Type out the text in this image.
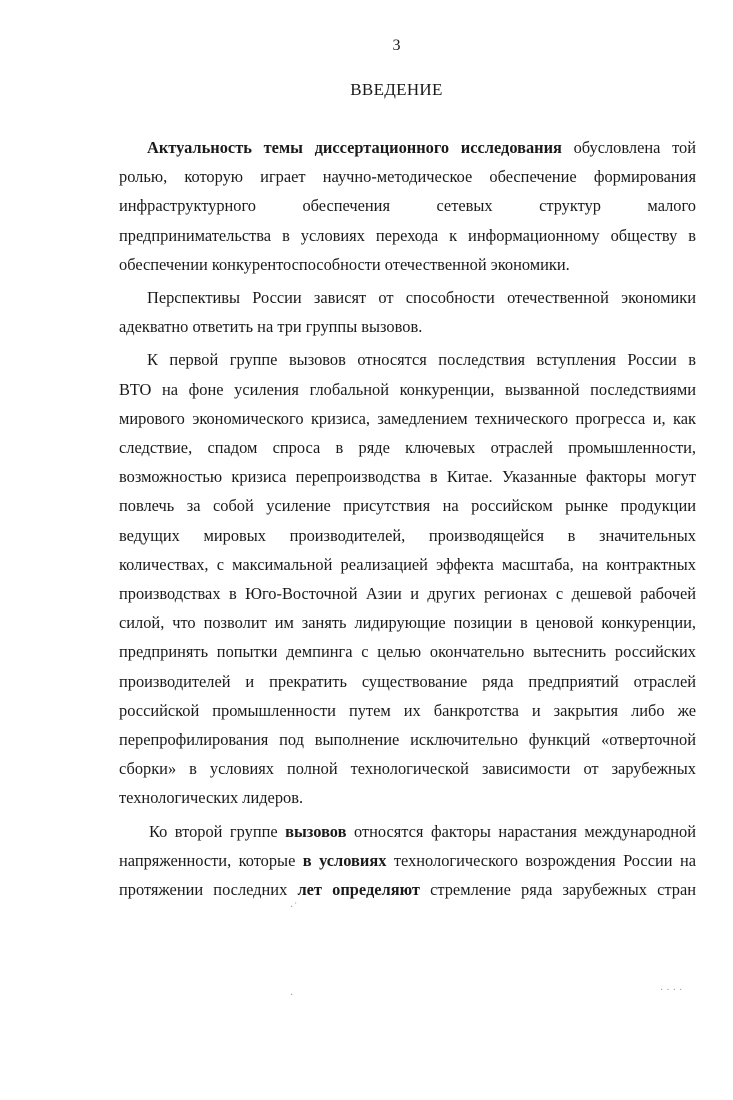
3
ВВЕДЕНИЕ
Актуальность темы диссертационного исследования обусловлена той
ролью, которую играет научно-методическое обеспечение формирования
инфраструктурного обеспечения сетевых структур малого
предпринимательства в условиях перехода к информационному обществу в
обеспечении конкурентоспособности отечественной экономики.
Перспективы России зависят от способности отечественной экономики
адекватно ответить на три группы вызовов.
К первой группе вызовов относятся последствия вступления России в
ВТО на фоне усиления глобальной конкуренции, вызванной последствиями
мирового экономического кризиса, замедлением технического прогресса и, как
следствие, спадом спроса в ряде ключевых отраслей промышленности,
возможностью кризиса перепроизводства в Китае. Указанные факторы могут
повлечь за собой усиление присутствия на российском рынке продукции
ведущих мировых производителей, производящейся в значительных
количествах, с максимальной реализацией эффекта масштаба, на контрактных
производствах в Юго-Восточной Азии и других регионах с дешевой рабочей
силой, что позволит им занять лидирующие позиции в ценовой конкуренции,
предпринять попытки демпинга с целью окончательно вытеснить российских
производителей и прекратить существование ряда предприятий отраслей
российской промышленности путем их банкротства и закрытия либо же
перепрофилирования под выполнение исключительно функций «отверточной
сборки» в условиях полной технологической зависимости от зарубежных
технологических лидеров.
Ко второй группе вызовов относятся факторы нарастания международной
напряженности, которые в условиях технологического возрождения России на
протяжении последних лет определяют стремление ряда зарубежных стран
·˙
·	· · · ·
